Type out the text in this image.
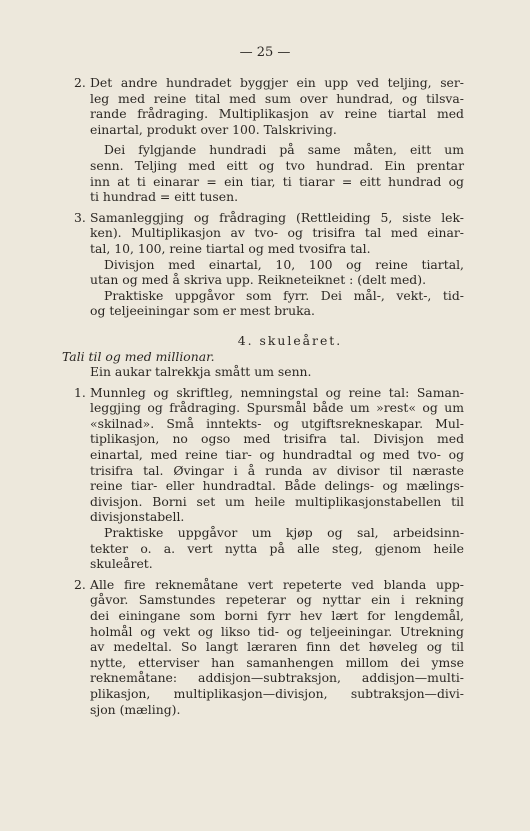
— 25 —
2. Det andre hundradet byggjer ein upp ved teljing, ser-
leg med reine tital med sum over hundrad, og tilsva-
rande frådraging. Multiplikasjon av reine tiartal med
einartal, produkt over 100. Talskriving.
Dei fylgjande hundradi på same måten, eitt um
senn. Teljing med eitt og tvo hundrad. Ein prentar
inn at ti einarar = ein tiar, ti tiarar = eitt hundrad og
ti hundrad = eitt tusen.
3. Samanleggjing og frådraging (Rettleiding 5, siste lek-
ken). Multiplikasjon av tvo- og trisifra tal med einar-
tal, 10, 100, reine tiartal og med tvosifra tal.
Divisjon med einartal, 10, 100 og reine tiartal,
utan og med å skriva upp. Reikneteiknet : (delt med).
Praktiske uppgåvor som fyrr. Dei mål-, vekt-, tid-
og teljeeiningar som er mest bruka.
4. skuleåret.
Tali til og med millionar.
Ein aukar talrekkja smått um senn.
1. Munnleg og skriftleg, nemningstal og reine tal: Saman-
leggjing og frådraging. Spursmål både um »rest« og um
«skilnad». Små inntekts- og utgiftsrekneskapar. Mul-
tiplikasjon, no ogso med trisifra tal. Divisjon med
einartal, med reine tiar- og hundradtal og med tvo- og
trisifra tal. Øvingar i å runda av divisor til næraste
reine tiar- eller hundradtal. Både delings- og mælings-
divisjon. Borni set um heile multiplikasjonstabellen til
divisjonstabell.
Praktiske uppgåvor um kjøp og sal, arbeidsinn-
tekter o. a. vert nytta på alle steg, gjenom heile
skuleåret.
2. Alle fire reknemåtane vert repeterte ved blanda upp-
gåvor. Samstundes repeterar og nyttar ein i rekning
dei einingane som borni fyrr hev lært for lengdemål,
holmål og vekt og likso tid- og teljeeiningar. Utrekning
av medeltal. So langt læraren finn det høveleg og til
nytte, etterviser han samanhengen millom dei ymse
reknemåtane: addisjon—subtraksjon, addisjon—multi-
plikasjon, multiplikasjon—divisjon, subtraksjon—divi-
sjon (mæling).
